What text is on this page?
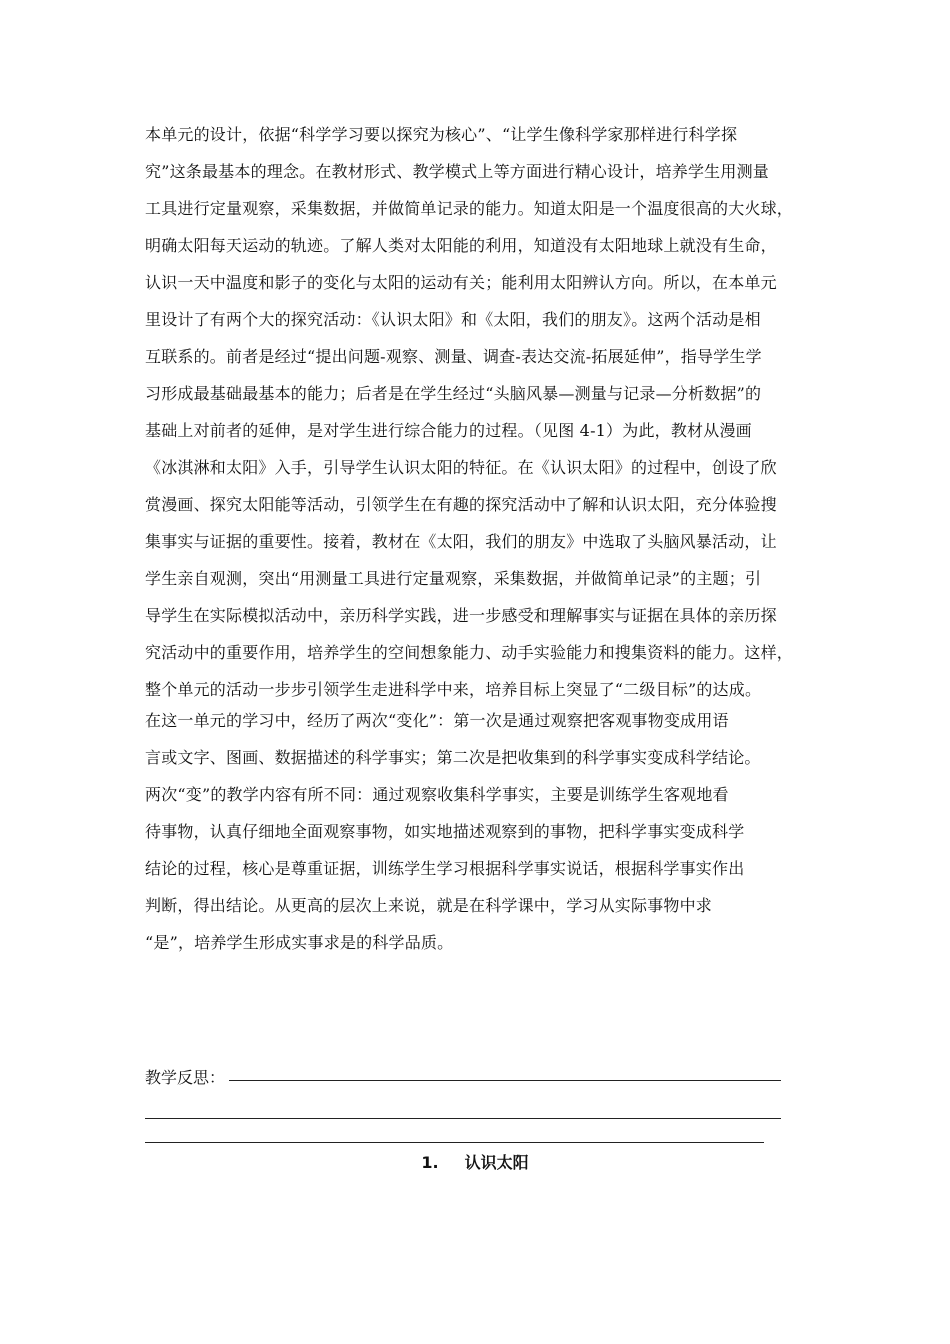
本单元的设计，依据“科学学习要以探究为核心”、“让学生像科学家那样进行科学探
究”这条最基本的理念。在教材形式、教学模式上等方面进行精心设计，培养学生用测量
工具进行定量观察，采集数据，并做简单记录的能力。知道太阳是一个温度很高的大火球，
明确太阳每天运动的轨迹。了解人类对太阳能的利用，知道没有太阳地球上就没有生命，
认识一天中温度和影子的变化与太阳的运动有关；能利用太阳辨认方向。所以，在本单元
里设计了有两个大的探究活动：《认识太阳》和《太阳，我们的朋友》。这两个活动是相
互联系的。前者是经过“提出问题-观察、测量、调查-表达交流-拓展延伸”，指导学生学
习形成最基础最基本的能力；后者是在学生经过“头脑风暴—测量与记录—分析数据”的
基础上对前者的延伸，是对学生进行综合能力的过程。（见图 4-1）为此，教材从漫画
《冰淇淋和太阳》入手，引导学生认识太阳的特征。在《认识太阳》的过程中，创设了欣
赏漫画、探究太阳能等活动，引领学生在有趣的探究活动中了解和认识太阳，充分体验搜
集事实与证据的重要性。接着，教材在《太阳，我们的朋友》中选取了头脑风暴活动，让
学生亲自观测，突出“用测量工具进行定量观察，采集数据，并做简单记录”的主题；引
导学生在实际模拟活动中，亲历科学实践，进一步感受和理解事实与证据在具体的亲历探
究活动中的重要作用，培养学生的空间想象能力、动手实验能力和搜集资料的能力。这样，
整个单元的活动一步步引领学生走进科学中来，培养目标上突显了“二级目标”的达成。
在这一单元的学习中，经历了两次“变化”：第一次是通过观察把客观事物变成用语
言或文字、图画、数据描述的科学事实；第二次是把收集到的科学事实变成科学结论。
两次“变”的教学内容有所不同：通过观察收集科学事实，主要是训练学生客观地看
待事物，认真仔细地全面观察事物，如实地描述观察到的事物，把科学事实变成科学
结论的过程，核心是尊重证据，训练学生学习根据科学事实说话，根据科学事实作出
判断，得出结论。从更高的层次上来说，就是在科学课中，学习从实际事物中求
“是”，培养学生形成实事求是的科学品质。
教学反思：
1. 认识太阳
